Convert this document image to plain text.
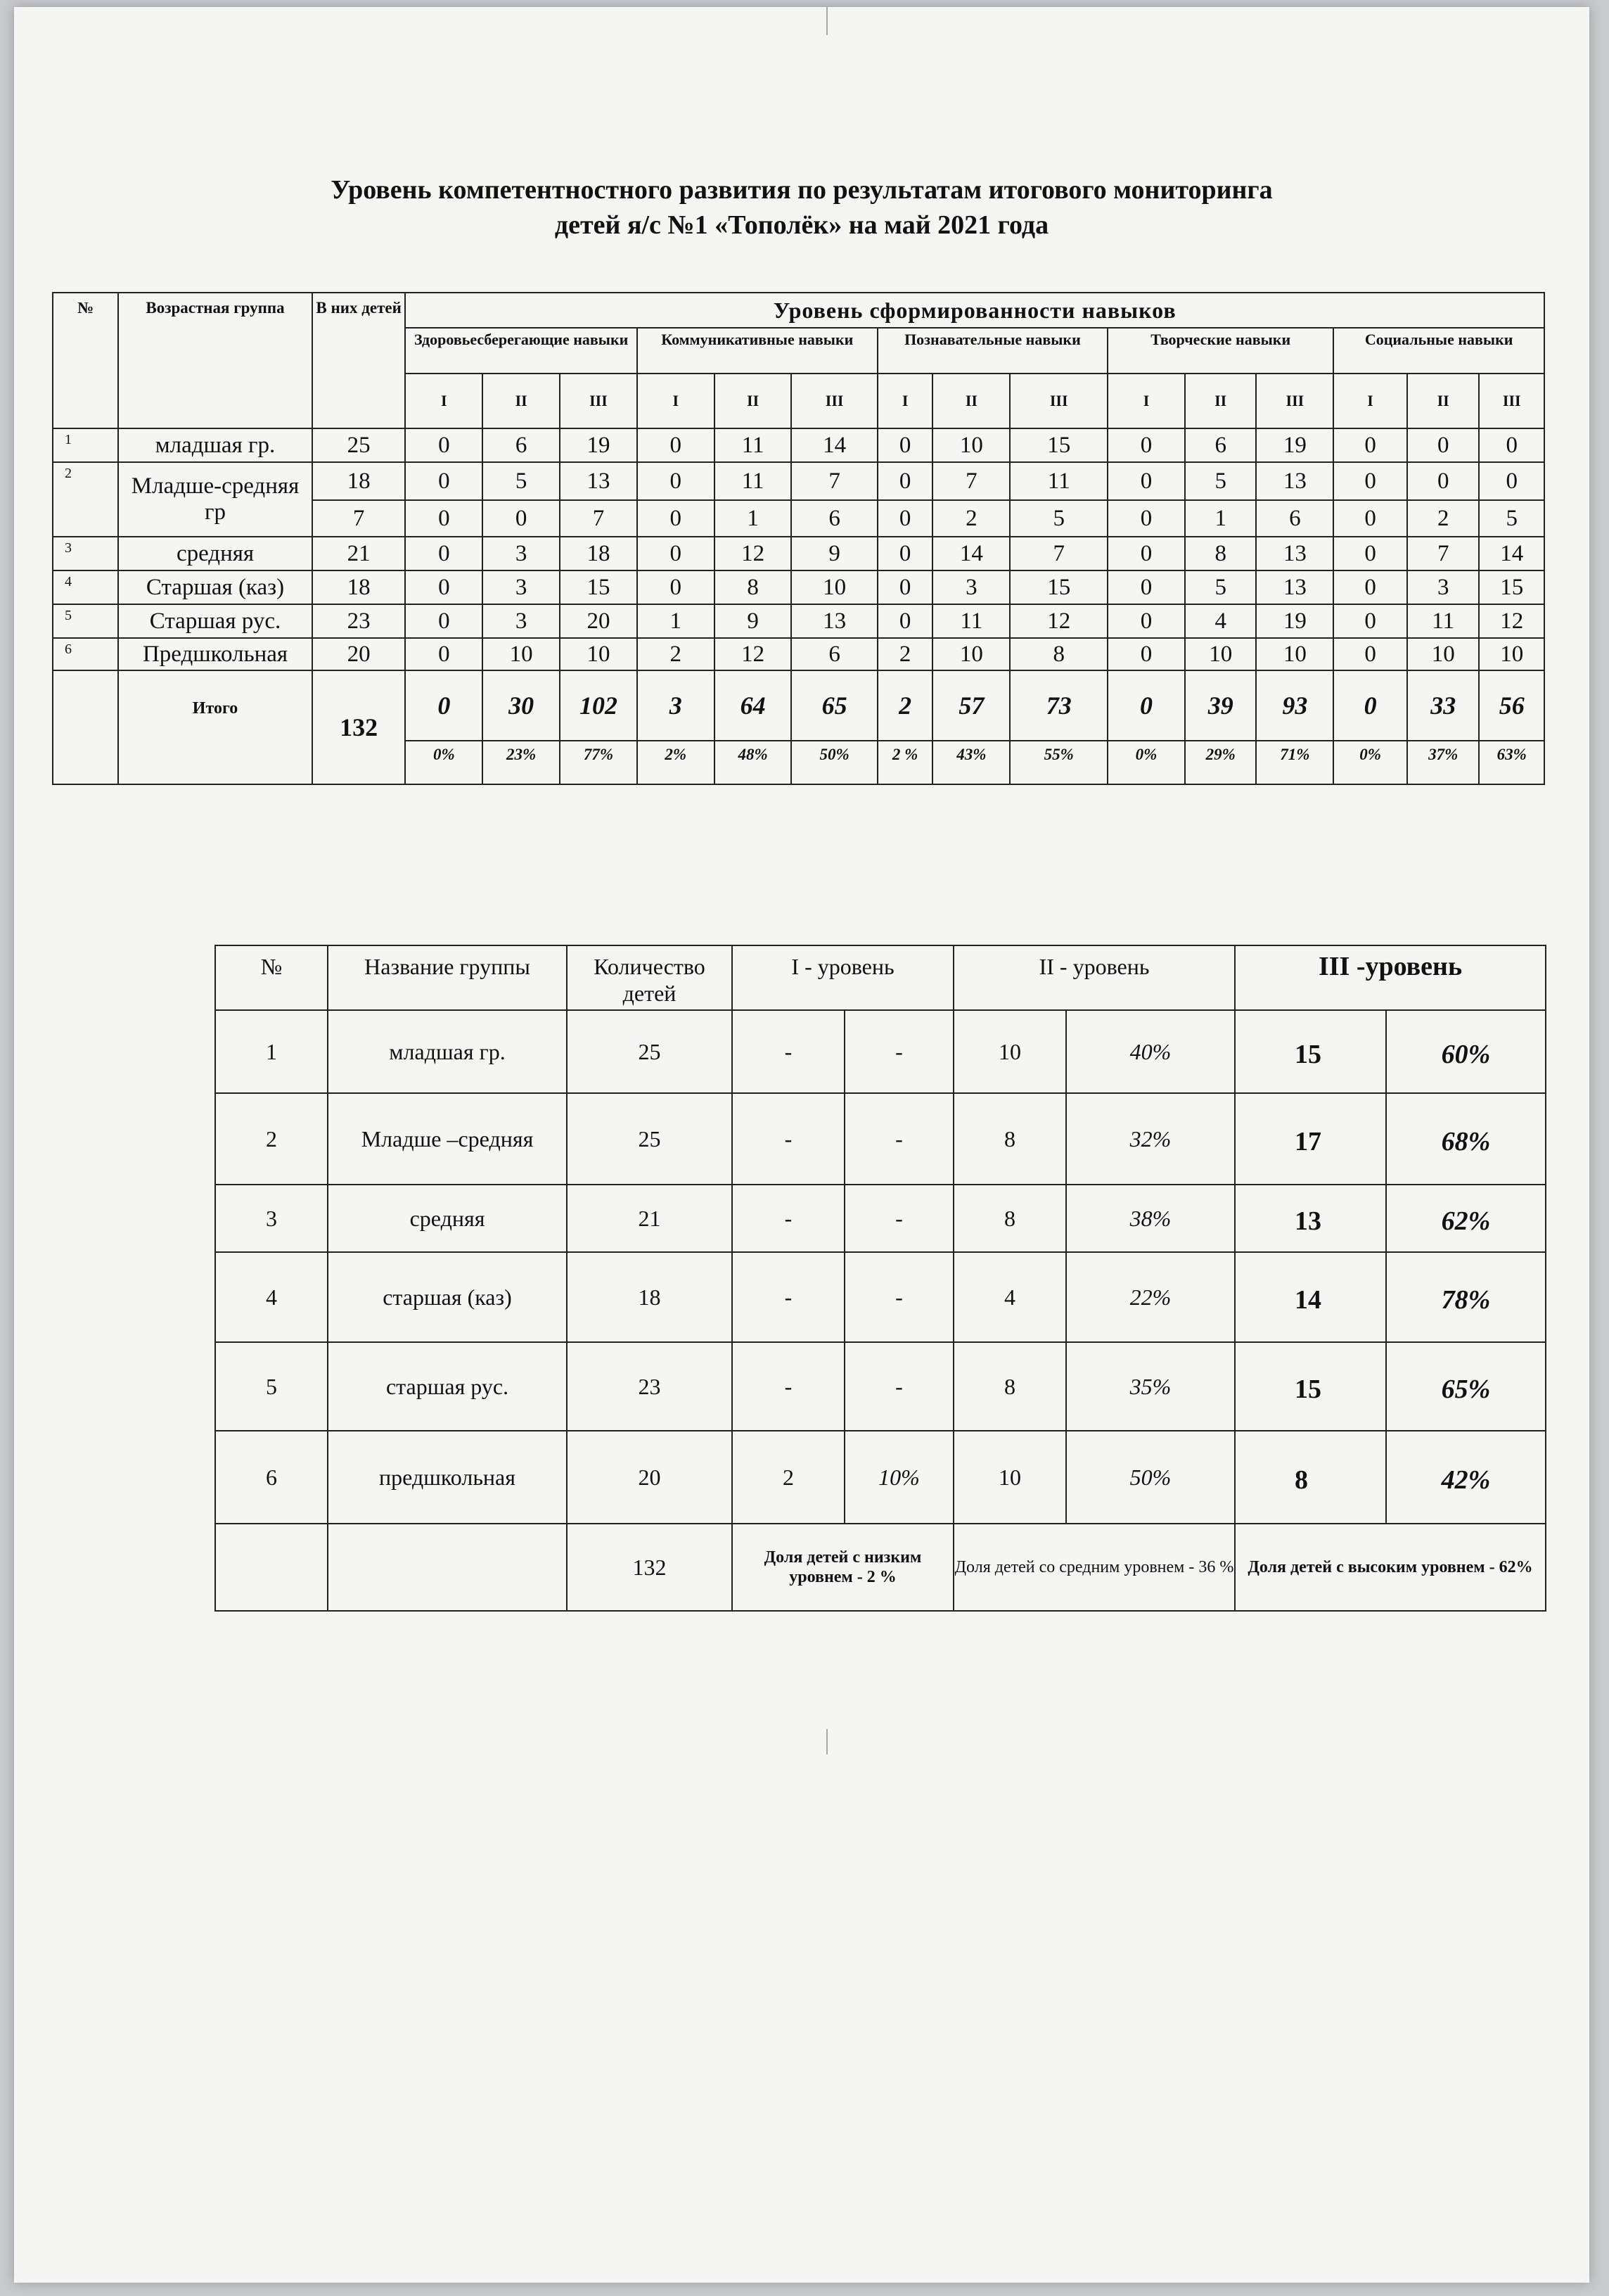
Уровень компетентностного развития по результатам итогового мониторинга
детей я/с №1 «Тополёк» на май 2021 года
№	Возрастная группа	В них детей	Уровень сформированности навыков														
			Здоровьесберегающие навыки			Коммуникативные навыки			Познавательные навыки			Творческие навыки			Социальные навыки		
			I	II	III	I	II	III	I	II	III	I	II	III	I	II	III
1	младшая гр.	25	0	6	19	0	11	14	0	10	15	0	6	19	0	0	0
2	Младше-средняя гр	18	0	5	13	0	11	7	0	7	11	0	5	13	0	0	0
		7	0	0	7	0	1	6	0	2	5	0	1	6	0	2	5
3	средняя	21	0	3	18	0	12	9	0	14	7	0	8	13	0	7	14
4	Старшая (каз)	18	0	3	15	0	8	10	0	3	15	0	5	13	0	3	15
5	Старшая рус.	23	0	3	20	1	9	13	0	11	12	0	4	19	0	11	12
6	Предшкольная	20	0	10	10	2	12	6	2	10	8	0	10	10	0	10	10
	Итого	132	0	30	102	3	64	65	2	57	73	0	39	93	0	33	56
			0%	23%	77%	2%	48%	50%	2 %	43%	55%	0%	29%	71%	0%	37%	63%
№	Название группы	Количество детей	I - уровень		II - уровень		III -уровень	
1	младшая гр.	25	-	-	10	40%	15	60%
2	Младше –средняя	25	-	-	8	32%	17	68%
3	средняя	21	-	-	8	38%	13	62%
4	старшая (каз)	18	-	-	4	22%	14	78%
5	старшая рус.	23	-	-	8	35%	15	65%
6	предшкольная	20	2	10%	10	50%	8	42%
		132	Доля детей с низким уровнем - 2 %		Доля детей со средним уровнем - 36 %		Доля детей с высоким уровнем - 62%	
